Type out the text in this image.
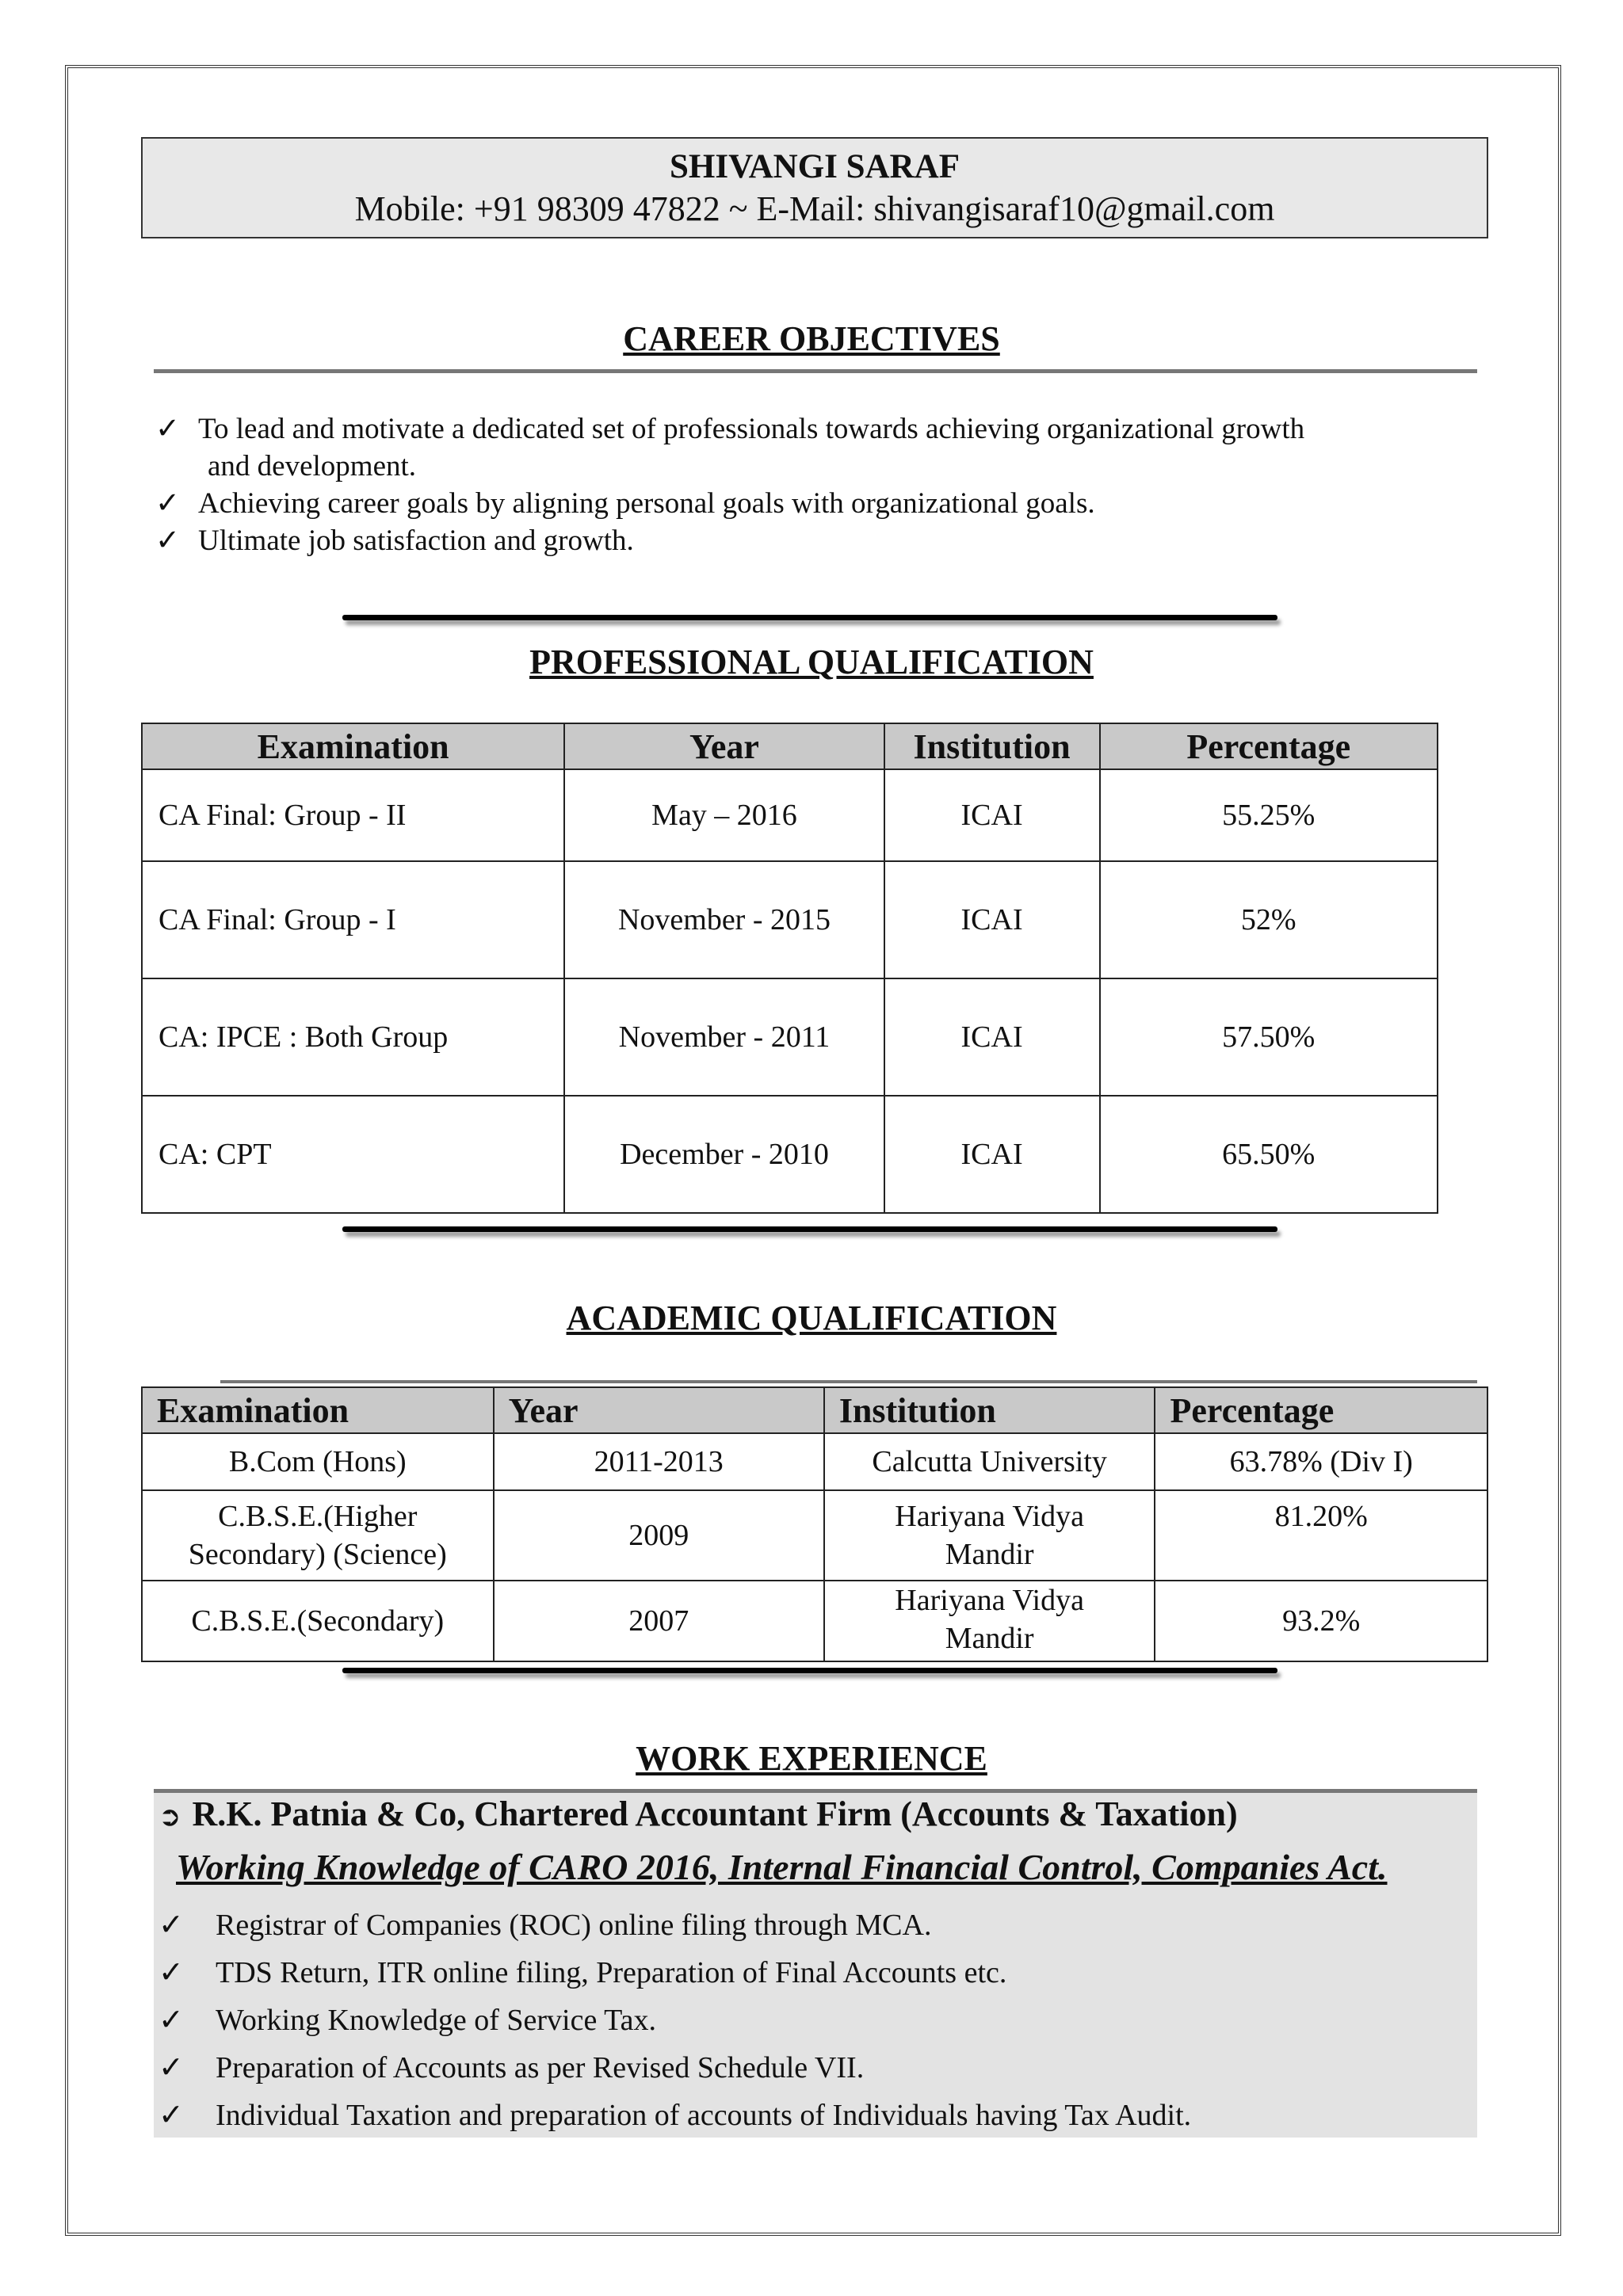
SHIVANGI SARAF
Mobile: +91 98309 47822 ~ E-Mail: shivangisaraf10@gmail.com
CAREER OBJECTIVES
✓ To lead and motivate a dedicated set of professionals towards achieving organizational growth
and development.
✓ Achieving career goals by aligning personal goals with organizational goals.
✓ Ultimate job satisfaction and growth.
PROFESSIONAL QUALIFICATION
Examination	Year	Institution	Percentage
CA Final: Group - II	May – 2016	ICAI	55.25%
CA Final: Group - I	November - 2015	ICAI	52%
CA: IPCE : Both Group	November - 2011	ICAI	57.50%
CA: CPT	December - 2010	ICAI	65.50%
ACADEMIC QUALIFICATION
Examination	Year	Institution	Percentage
B.Com (Hons)	2011-2013	Calcutta University	63.78% (Div I)
C.B.S.E.(Higher Secondary) (Science)	2009	Hariyana Vidya Mandir	81.20%
C.B.S.E.(Secondary)	2007	Hariyana Vidya Mandir	93.2%
WORK EXPERIENCE
➲ R.K. Patnia & Co, Chartered Accountant Firm (Accounts & Taxation)
Working Knowledge of CARO 2016, Internal Financial Control, Companies Act.
✓ Registrar of Companies (ROC) online filing through MCA.
✓ TDS Return, ITR online filing, Preparation of Final Accounts etc.
✓ Working Knowledge of Service Tax.
✓ Preparation of Accounts as per Revised Schedule VII.
✓ Individual Taxation and preparation of accounts of Individuals having Tax Audit.
